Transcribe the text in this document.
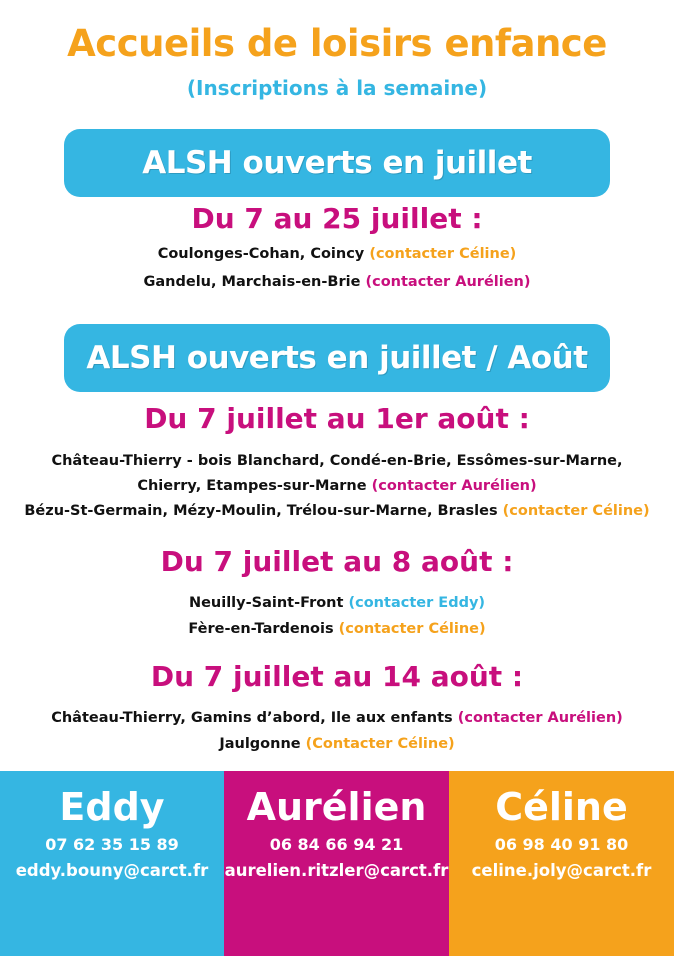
Accueils de loisirs enfance
(Inscriptions à la semaine)
ALSH ouverts en juillet
Du 7 au 25 juillet :
Coulonges-Cohan, Coincy (contacter Céline)
Gandelu, Marchais-en-Brie (contacter Aurélien)
ALSH ouverts en juillet / Août
Du 7 juillet au 1er août :
Château-Thierry - bois Blanchard, Condé-en-Brie, Essômes-sur-Marne,
Chierry, Etampes-sur-Marne (contacter Aurélien)
Bézu-St-Germain, Mézy-Moulin, Trélou-sur-Marne, Brasles (contacter Céline)
Du 7 juillet au 8 août :
Neuilly-Saint-Front (contacter Eddy)
Fère-en-Tardenois (contacter Céline)
Du 7 juillet au 14 août :
Château-Thierry, Gamins d’abord, Ile aux enfants (contacter Aurélien)
Jaulgonne (Contacter Céline)
Eddy
07 62 35 15 89
eddy.bouny@carct.fr
Aurélien
06 84 66 94 21
aurelien.ritzler@carct.fr
Céline
06 98 40 91 80
celine.joly@carct.fr
